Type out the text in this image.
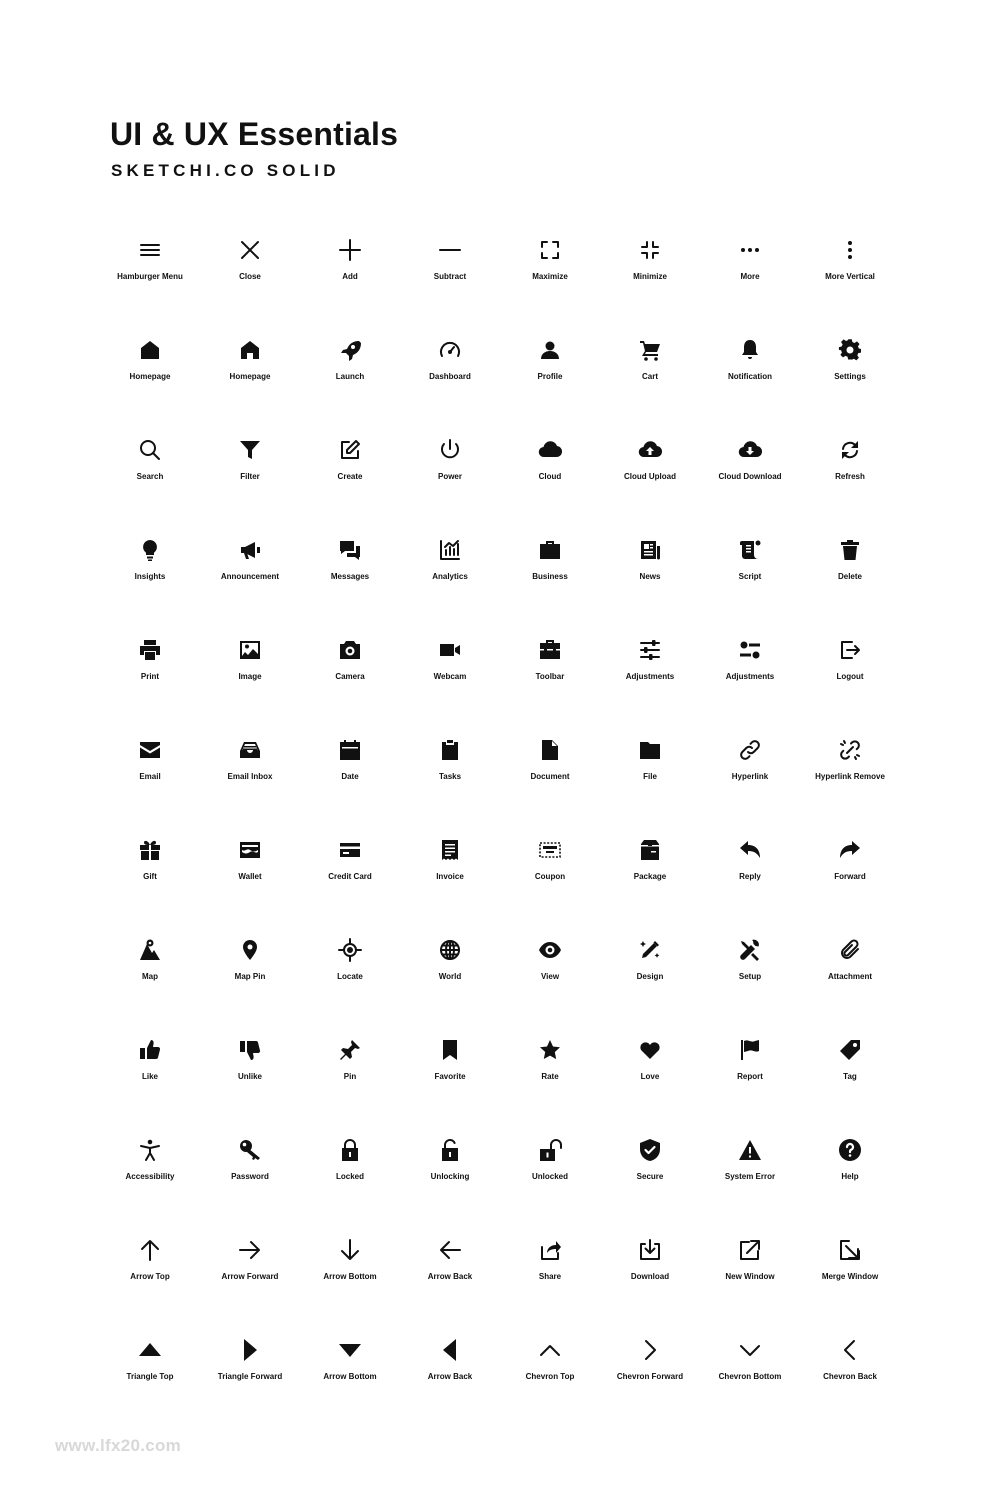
UI & UX Essentials
SKETCHI.CO SOLID
Hamburger Menu	Close	Add	Subtract	Maximize	Minimize	More	More Vertical
Homepage	Homepage	Launch	Dashboard	Profile	Cart	Notification	Settings
Search	Filter	Create	Power	Cloud	Cloud Upload	Cloud Download	Refresh
Insights	Announcement	Messages	Analytics	Business	News	Script	Delete
Print	Image	Camera	Webcam	Toolbar	Adjustments	Adjustments	Logout
Email	Email Inbox	Date	Tasks	Document	File	Hyperlink	Hyperlink Remove
Gift	Wallet	Credit Card	Invoice	Coupon	Package	Reply	Forward
Map	Map Pin	Locate	World	View	Design	Setup	Attachment
Like	Unlike	Pin	Favorite	Rate	Love	Report	Tag
Accessibility	Password	Locked	Unlocking	Unlocked	Secure	System Error	Help
Arrow Top	Arrow Forward	Arrow Bottom	Arrow Back	Share	Download	New Window	Merge Window
Triangle Top	Triangle Forward	Arrow Bottom	Arrow Back	Chevron Top	Chevron Forward	Chevron Bottom	Chevron Back
www.lfx20.com
